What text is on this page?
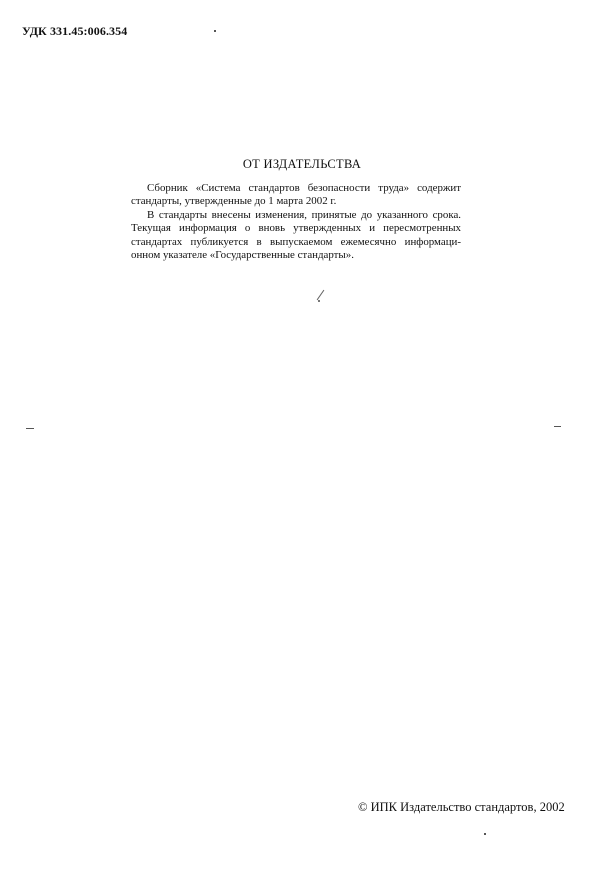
УДК 331.45:006.354
ОТ ИЗДАТЕЛЬСТВА
Сборник «Система стандартов безопасности труда» содержит
стандарты, утвержденные до 1 марта 2002 г.
В стандарты внесены изменения, принятые до указанного срока.
Текущая информация о вновь утвержденных и пересмотренных
стандартах публикуется в выпускаемом ежемесячно информаци-
онном указателе «Государственные стандарты».
© ИПК Издательство стандартов, 2002
